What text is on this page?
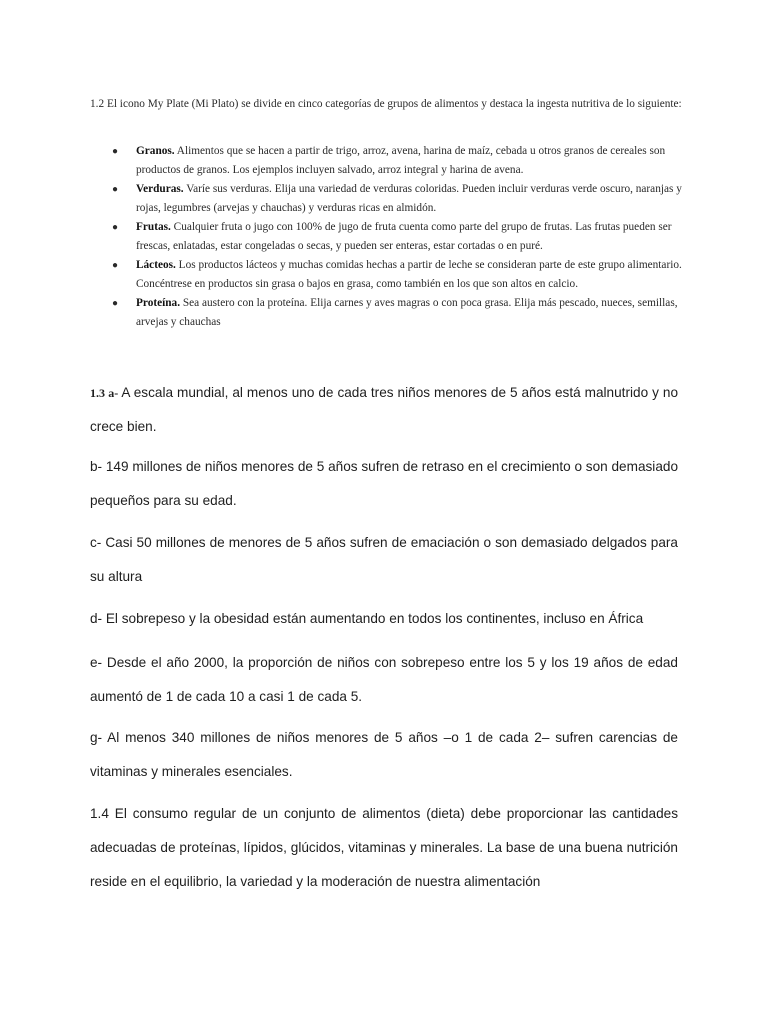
1.2 El icono My Plate (Mi Plato) se divide en cinco categorías de grupos de alimentos y destaca la ingesta nutritiva de lo siguiente:

● Granos. Alimentos que se hacen a partir de trigo, arroz, avena, harina de maíz, cebada u otros granos de cereales son productos de granos. Los ejemplos incluyen salvado, arroz integral y harina de avena.
● Verduras. Varíe sus verduras. Elija una variedad de verduras coloridas. Pueden incluir verduras verde oscuro, naranjas y rojas, legumbres (arvejas y chauchas) y verduras ricas en almidón.
● Frutas. Cualquier fruta o jugo con 100% de jugo de fruta cuenta como parte del grupo de frutas. Las frutas pueden ser frescas, enlatadas, estar congeladas o secas, y pueden ser enteras, estar cortadas o en puré.
● Lácteos. Los productos lácteos y muchas comidas hechas a partir de leche se consideran parte de este grupo alimentario. Concéntrese en productos sin grasa o bajos en grasa, como también en los que son altos en calcio.
● Proteína. Sea austero con la proteína. Elija carnes y aves magras o con poca grasa. Elija más pescado, nueces, semillas, arvejas y chauchas

1.3 a- A escala mundial, al menos uno de cada tres niños menores de 5 años está malnutrido y no crece bien.

b- 149 millones de niños menores de 5 años sufren de retraso en el crecimiento o son demasiado pequeños para su edad.

c- Casi 50 millones de menores de 5 años sufren de emaciación o son demasiado delgados para su altura

d- El sobrepeso y la obesidad están aumentando en todos los continentes, incluso en África

e- Desde el año 2000, la proporción de niños con sobrepeso entre los 5 y los 19 años de edad aumentó de 1 de cada 10 a casi 1 de cada 5.

g- Al menos 340 millones de niños menores de 5 años –o 1 de cada 2– sufren carencias de vitaminas y minerales esenciales.

1.4 El consumo regular de un conjunto de alimentos (dieta) debe proporcionar las cantidades adecuadas de proteínas, lípidos, glúcidos, vitaminas y minerales. La base de una buena nutrición reside en el equilibrio, la variedad y la moderación de nuestra alimentación
